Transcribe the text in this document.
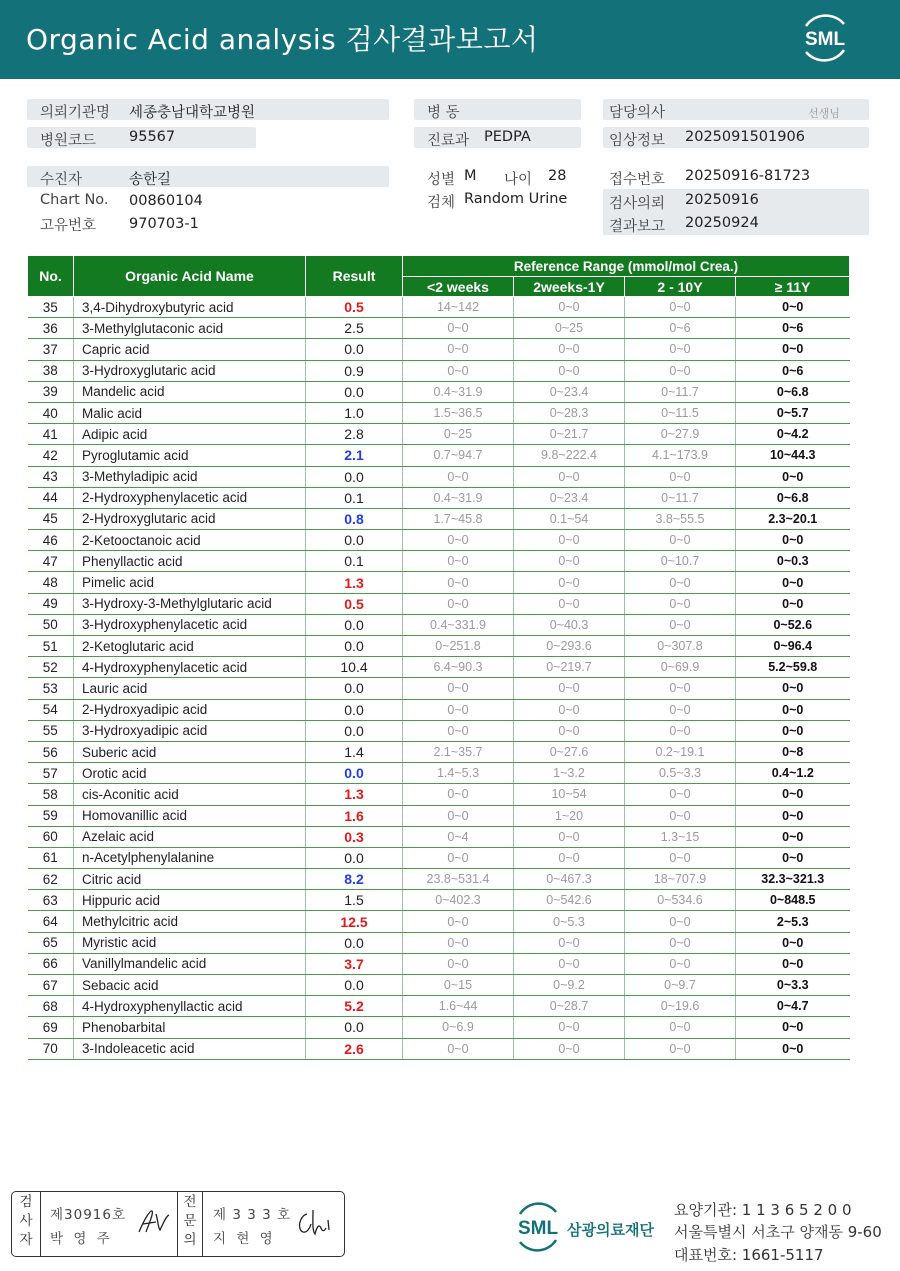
Organic Acid analysis 검사결과보고서	SML
의뢰기관명 세종충남대학교병원
병원코드 95567
병 동
진료과 PEDPA
담당의사	선생님
임상정보 2025091501906
수진자	송한길
Chart No. 00860104
고유번호 970703-1
성별 M 나이 28
검체 Random Urine
접수번호 20250916-81723
검사의뢰 20250916
결과보고 20250924
No.	Organic Acid Name	Result	Reference Range (mmol/mol Crea.)			
			<2 weeks	2weeks-1Y	2 - 10Y	≥ 11Y
35	3,4-Dihydroxybutyric acid	0.5	14~142	0~0	0~0	0~0
36	3-Methylglutaconic acid	2.5	0~0	0~25	0~6	0~6
37	Capric acid	0.0	0~0	0~0	0~0	0~0
38	3-Hydroxyglutaric acid	0.9	0~0	0~0	0~0	0~6
39	Mandelic acid	0.0	0.4~31.9	0~23.4	0~11.7	0~6.8
40	Malic acid	1.0	1.5~36.5	0~28.3	0~11.5	0~5.7
41	Adipic acid	2.8	0~25	0~21.7	0~27.9	0~4.2
42	Pyroglutamic acid	2.1	0.7~94.7	9.8~222.4	4.1~173.9	10~44.3
43	3-Methyladipic acid	0.0	0~0	0~0	0~0	0~0
44	2-Hydroxyphenylacetic acid	0.1	0.4~31.9	0~23.4	0~11.7	0~6.8
45	2-Hydroxyglutaric acid	0.8	1.7~45.8	0.1~54	3.8~55.5	2.3~20.1
46	2-Ketooctanoic acid	0.0	0~0	0~0	0~0	0~0
47	Phenyllactic acid	0.1	0~0	0~0	0~10.7	0~0.3
48	Pimelic acid	1.3	0~0	0~0	0~0	0~0
49	3-Hydroxy-3-Methylglutaric acid	0.5	0~0	0~0	0~0	0~0
50	3-Hydroxyphenylacetic acid	0.0	0.4~331.9	0~40.3	0~0	0~52.6
51	2-Ketoglutaric acid	0.0	0~251.8	0~293.6	0~307.8	0~96.4
52	4-Hydroxyphenylacetic acid	10.4	6.4~90.3	0~219.7	0~69.9	5.2~59.8
53	Lauric acid	0.0	0~0	0~0	0~0	0~0
54	2-Hydroxyadipic acid	0.0	0~0	0~0	0~0	0~0
55	3-Hydroxyadipic acid	0.0	0~0	0~0	0~0	0~0
56	Suberic acid	1.4	2.1~35.7	0~27.6	0.2~19.1	0~8
57	Orotic acid	0.0	1.4~5.3	1~3.2	0.5~3.3	0.4~1.2
58	cis-Aconitic acid	1.3	0~0	10~54	0~0	0~0
59	Homovanillic acid	1.6	0~0	1~20	0~0	0~0
60	Azelaic acid	0.3	0~4	0~0	1.3~15	0~0
61	n-Acetylphenylalanine	0.0	0~0	0~0	0~0	0~0
62	Citric acid	8.2	23.8~531.4	0~467.3	18~707.9	32.3~321.3
63	Hippuric acid	1.5	0~402.3	0~542.6	0~534.6	0~848.5
64	Methylcitric acid	12.5	0~0	0~5.3	0~0	2~5.3
65	Myristic acid	0.0	0~0	0~0	0~0	0~0
66	Vanillylmandelic acid	3.7	0~0	0~0	0~0	0~0
67	Sebacic acid	0.0	0~15	0~9.2	0~9.7	0~3.3
68	4-Hydroxyphenyllactic acid	5.2	1.6~44	0~28.7	0~19.6	0~4.7
69	Phenobarbital	0.0	0~6.9	0~0	0~0	0~0
70	3-Indoleacetic acid	2.6	0~0	0~0	0~0	0~0
검
사
자
제30916호
박 영 주
전
문
의
제 3 3 3 호
지 현 영	SML 삼광의료재단
요양기관: 1 1 3 6 5 2 0 0
서울특별시 서초구 양재동 9-60
대표번호: 1661-5117
